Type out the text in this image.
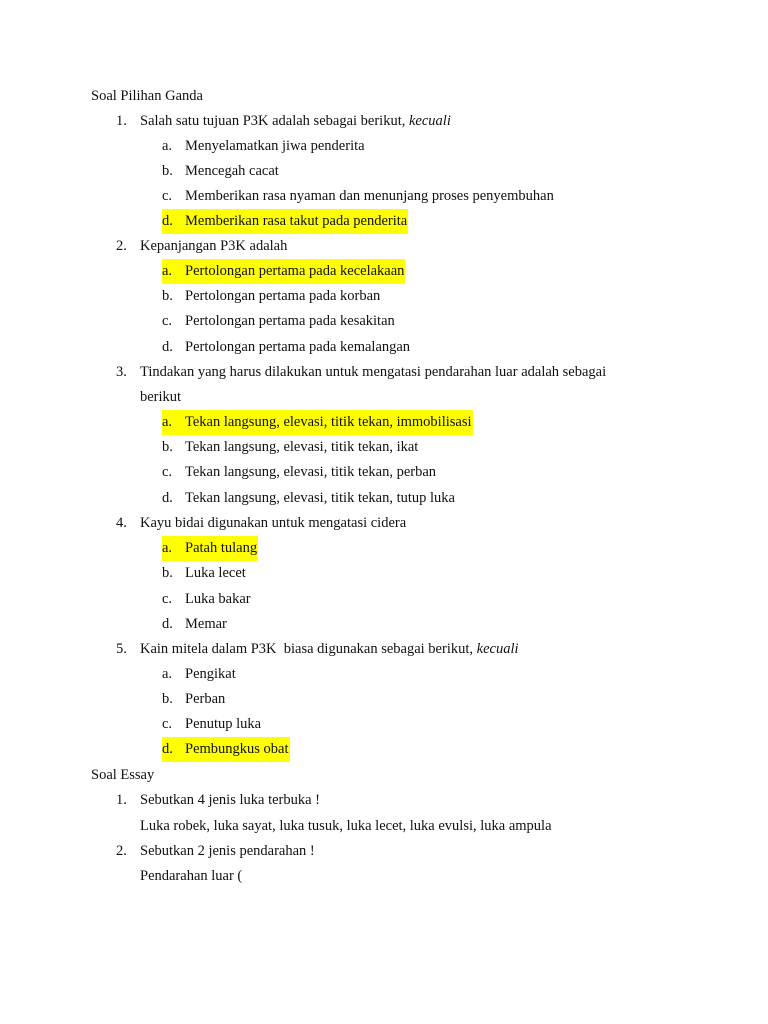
Soal Pilihan Ganda
1. Salah satu tujuan P3K adalah sebagai berikut, kecuali
a. Menyelamatkan jiwa penderita
b. Mencegah cacat
c. Memberikan rasa nyaman dan menunjang proses penyembuhan
d. Memberikan rasa takut pada penderita
2. Kepanjangan P3K adalah
a. Pertolongan pertama pada kecelakaan
b. Pertolongan pertama pada korban
c. Pertolongan pertama pada kesakitan
d. Pertolongan pertama pada kemalangan
3. Tindakan yang harus dilakukan untuk mengatasi pendarahan luar adalah sebagai
berikut
a. Tekan langsung, elevasi, titik tekan, immobilisasi
b. Tekan langsung, elevasi, titik tekan, ikat
c. Tekan langsung, elevasi, titik tekan, perban
d. Tekan langsung, elevasi, titik tekan, tutup luka
4. Kayu bidai digunakan untuk mengatasi cidera
a. Patah tulang
b. Luka lecet
c. Luka bakar
d. Memar
5. Kain mitela dalam P3K  biasa digunakan sebagai berikut, kecuali
a. Pengikat
b. Perban
c. Penutup luka
d. Pembungkus obat
Soal Essay
1. Sebutkan 4 jenis luka terbuka !
Luka robek, luka sayat, luka tusuk, luka lecet, luka evulsi, luka ampula
2. Sebutkan 2 jenis pendarahan !
Pendarahan luar (
